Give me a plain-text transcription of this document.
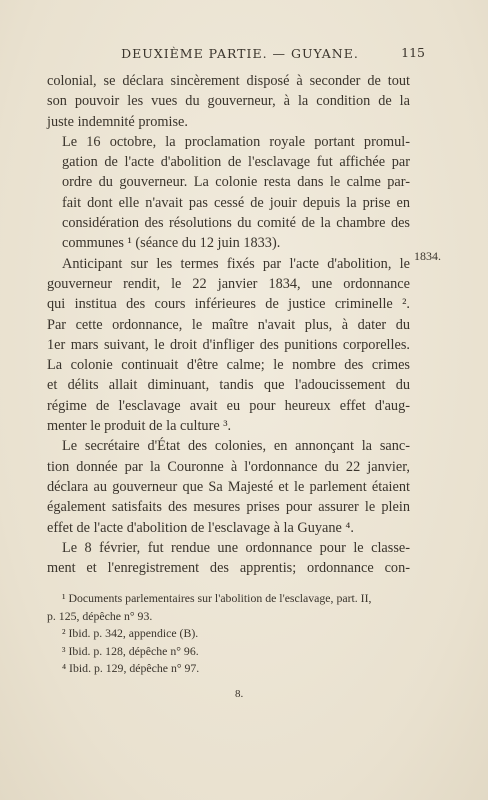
DEUXIÈME PARTIE. — GUYANE.	115

colonial, se déclara sincèrement disposé à seconder de tout
son pouvoir les vues du gouverneur, à la condition de la
juste indemnité promise.

Le 16 octobre, la proclamation royale portant promul-
gation de l'acte d'abolition de l'esclavage fut affichée par
ordre du gouverneur. La colonie resta dans le calme par-
fait dont elle n'avait pas cessé de jouir depuis la prise en
considération des résolutions du comité de la chambre des
communes ¹ (séance du 12 juin 1833).

Anticipant sur les termes fixés par l'acte d'abolition, le
gouverneur rendit, le 22 janvier 1834, une ordonnance
qui institua des cours inférieures de justice criminelle ².
Par cette ordonnance, le maître n'avait plus, à dater du
1er mars suivant, le droit d'infliger des punitions corporelles.
La colonie continuait d'être calme; le nombre des crimes
et délits allait diminuant, tandis que l'adoucissement du
régime de l'esclavage avait eu pour heureux effet d'aug-
menter le produit de la culture ³.

Le secrétaire d'État des colonies, en annonçant la sanc-
tion donnée par la Couronne à l'ordonnance du 22 janvier,
déclara au gouverneur que Sa Majesté et le parlement étaient
également satisfaits des mesures prises pour assurer le plein
effet de l'acte d'abolition de l'esclavage à la Guyane ⁴.

Le 8 février, fut rendue une ordonnance pour le classe-
ment et l'enregistrement des apprentis; ordonnance con-

1834.
¹ Documents parlementaires sur l'abolition de l'esclavage, part. II,
p. 125, dépêche n° 93.
² Ibid. p. 342, appendice (B).
³ Ibid. p. 128, dépêche n° 96.
⁴ Ibid. p. 129, dépêche n° 97.
8.
